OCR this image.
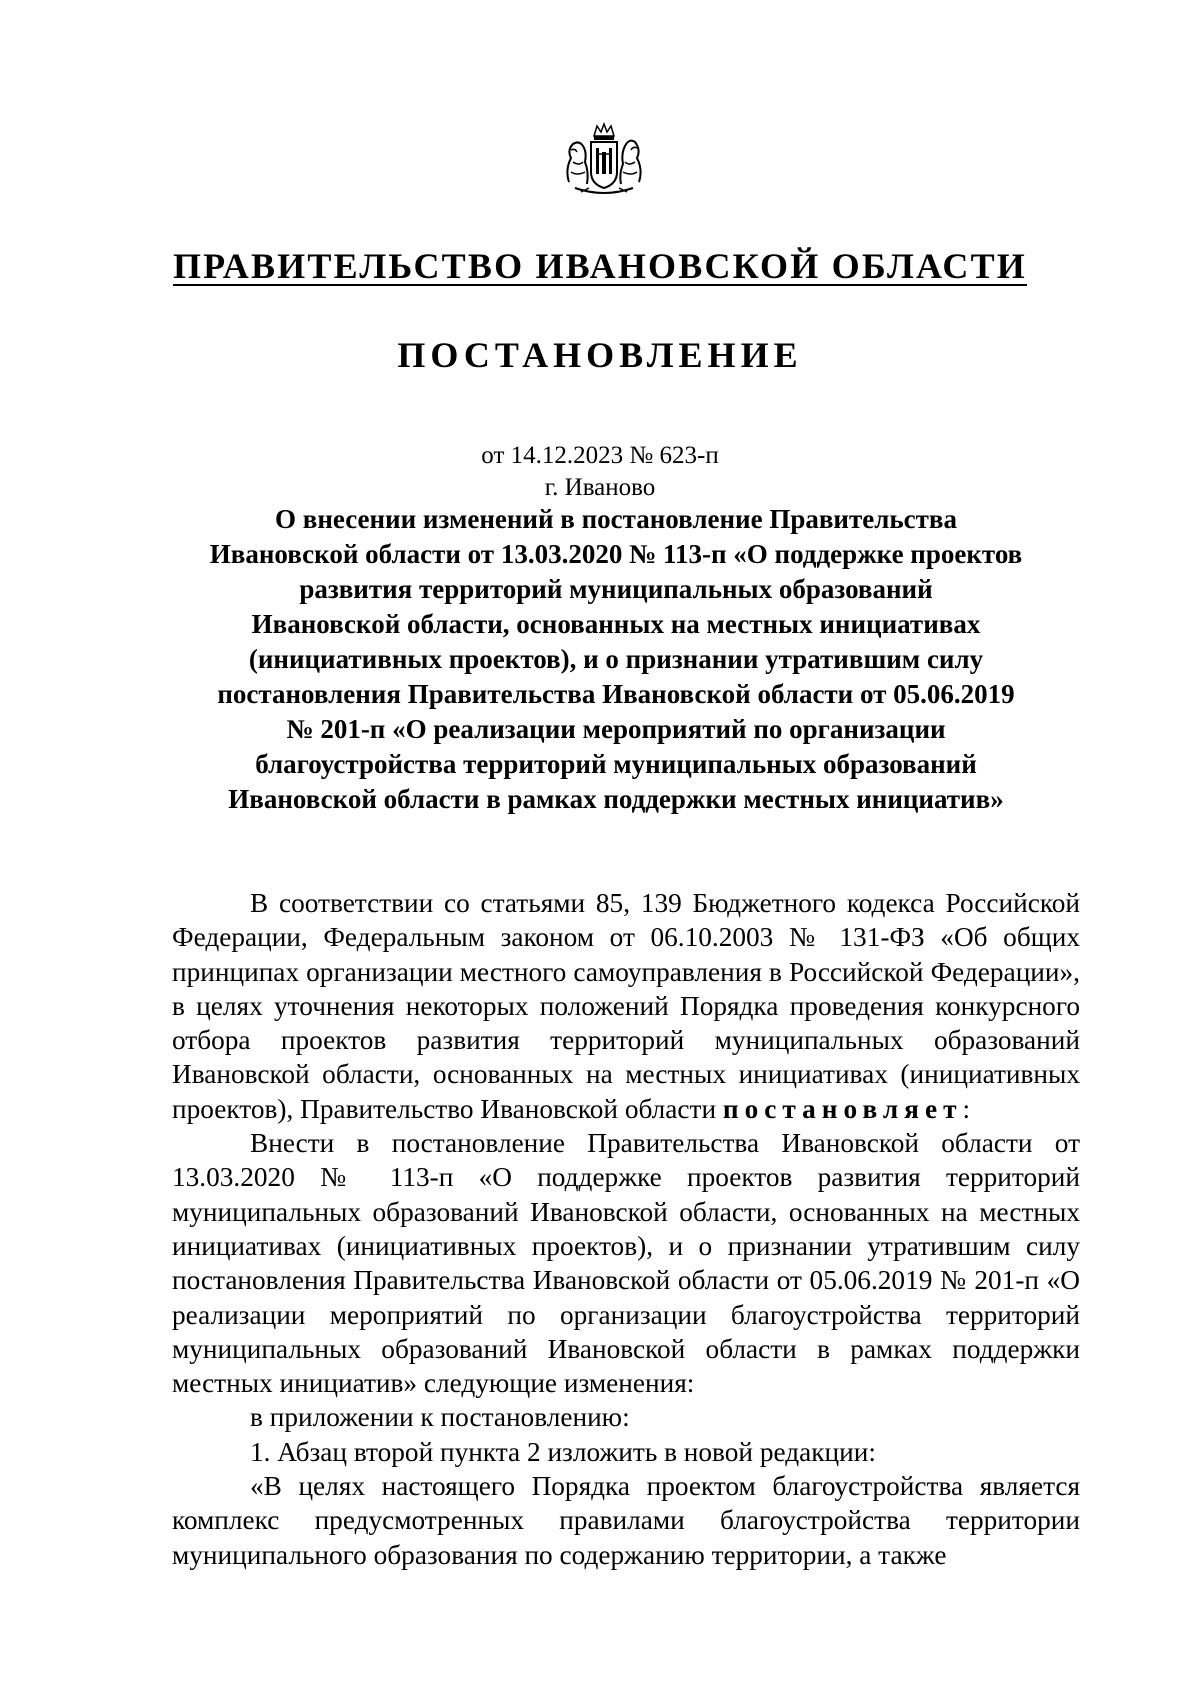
ПРАВИТЕЛЬСТВО ИВАНОВСКОЙ ОБЛАСТИ
ПОСТАНОВЛЕНИЕ
от 14.12.2023 № 623-п
г. Иваново
О внесении изменений в постановление Правительства
Ивановской области от 13.03.2020 № 113-п «О поддержке проектов
развития территорий муниципальных образований
Ивановской области, основанных на местных инициативах
(инициативных проектов), и о признании утратившим силу
постановления Правительства Ивановской области от 05.06.2019
№ 201-п «О реализации мероприятий по организации
благоустройства территорий муниципальных образований
Ивановской области в рамках поддержки местных инициатив»

В соответствии со статьями 85, 139 Бюджетного кодекса Российской Федерации, Федеральным законом от 06.10.2003 № 131-ФЗ «Об общих принципах организации местного самоуправления в Российской Федерации», в целях уточнения некоторых положений Порядка проведения конкурсного отбора проектов развития территорий муниципальных образований Ивановской области, основанных на местных инициативах (инициативных проектов), Правительство Ивановской области постановляет:

Внести в постановление Правительства Ивановской области от 13.03.2020 № 113-п «О поддержке проектов развития территорий муниципальных образований Ивановской области, основанных на местных инициативах (инициативных проектов), и о признании утратившим силу постановления Правительства Ивановской области от 05.06.2019 № 201-п «О реализации мероприятий по организации благоустройства территорий муниципальных образований Ивановской области в рамках поддержки местных инициатив» следующие изменения:

в приложении к постановлению:

1. Абзац второй пункта 2 изложить в новой редакции:

«В целях настоящего Порядка проектом благоустройства является комплекс предусмотренных правилами благоустройства территории муниципального образования по содержанию территории, а также
